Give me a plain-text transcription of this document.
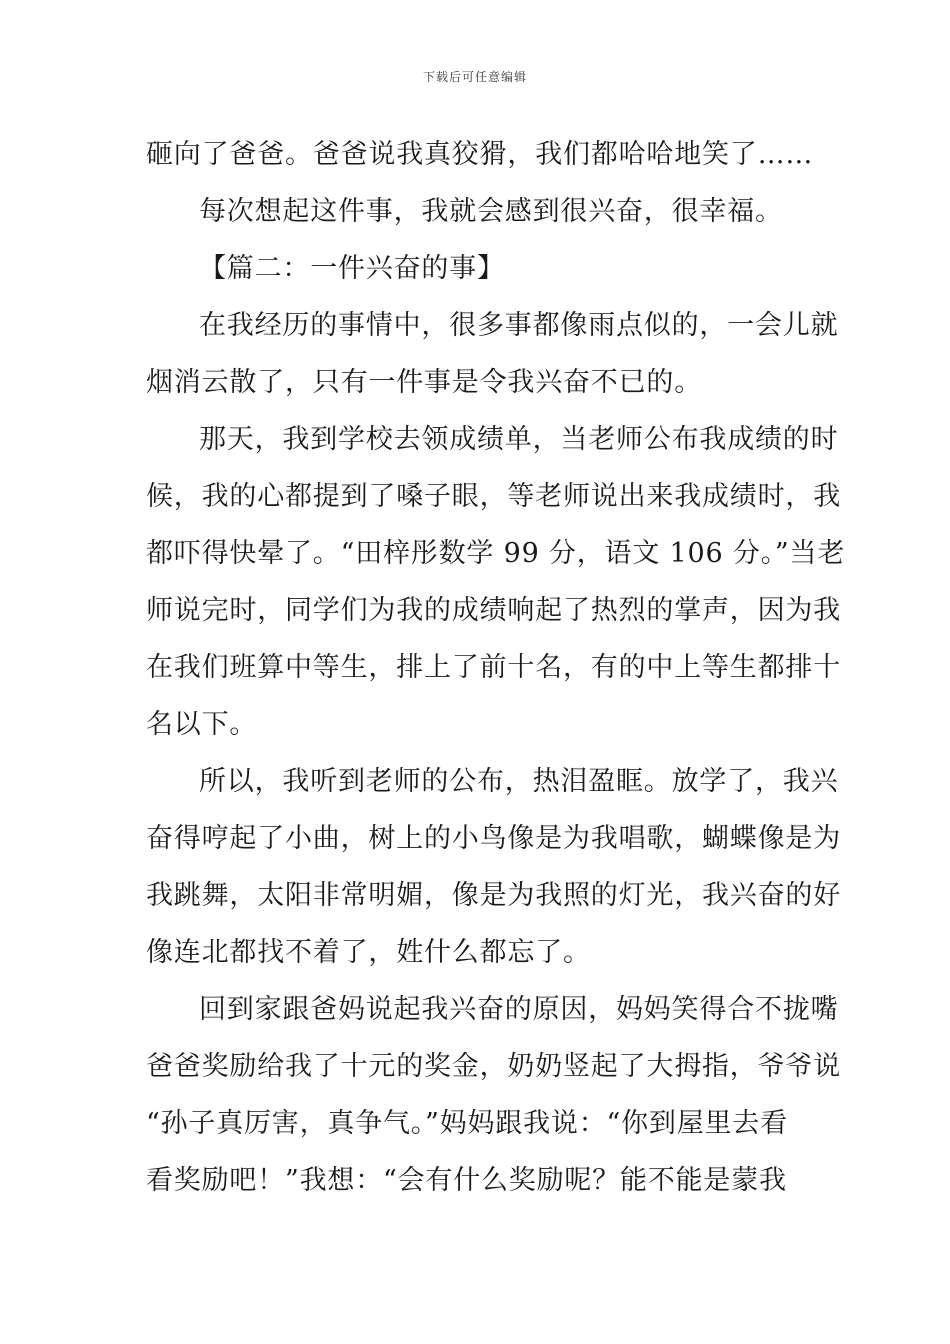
下载后可任意编辑
砸向了爸爸。爸爸说我真狡猾，我们都哈哈地笑了……
每次想起这件事，我就会感到很兴奋，很幸福。
【篇二：一件兴奋的事】
在我经历的事情中，很多事都像雨点似的，一会儿就
烟消云散了，只有一件事是令我兴奋不已的。
那天，我到学校去领成绩单，当老师公布我成绩的时
候，我的心都提到了嗓子眼，等老师说出来我成绩时，我
都吓得快晕了。“田梓彤数学 99 分，语文 106 分。”当老
师说完时，同学们为我的成绩响起了热烈的掌声，因为我
在我们班算中等生，排上了前十名，有的中上等生都排十
名以下。
所以，我听到老师的公布，热泪盈眶。放学了，我兴
奋得哼起了小曲，树上的小鸟像是为我唱歌，蝴蝶像是为
我跳舞，太阳非常明媚，像是为我照的灯光，我兴奋的好
像连北都找不着了，姓什么都忘了。
回到家跟爸妈说起我兴奋的原因，妈妈笑得合不拢嘴
爸爸奖励给我了十元的奖金，奶奶竖起了大拇指，爷爷说
“孙子真厉害，真争气。”妈妈跟我说：“你到屋里去看
看奖励吧！”我想：“会有什么奖励呢？能不能是蒙我
